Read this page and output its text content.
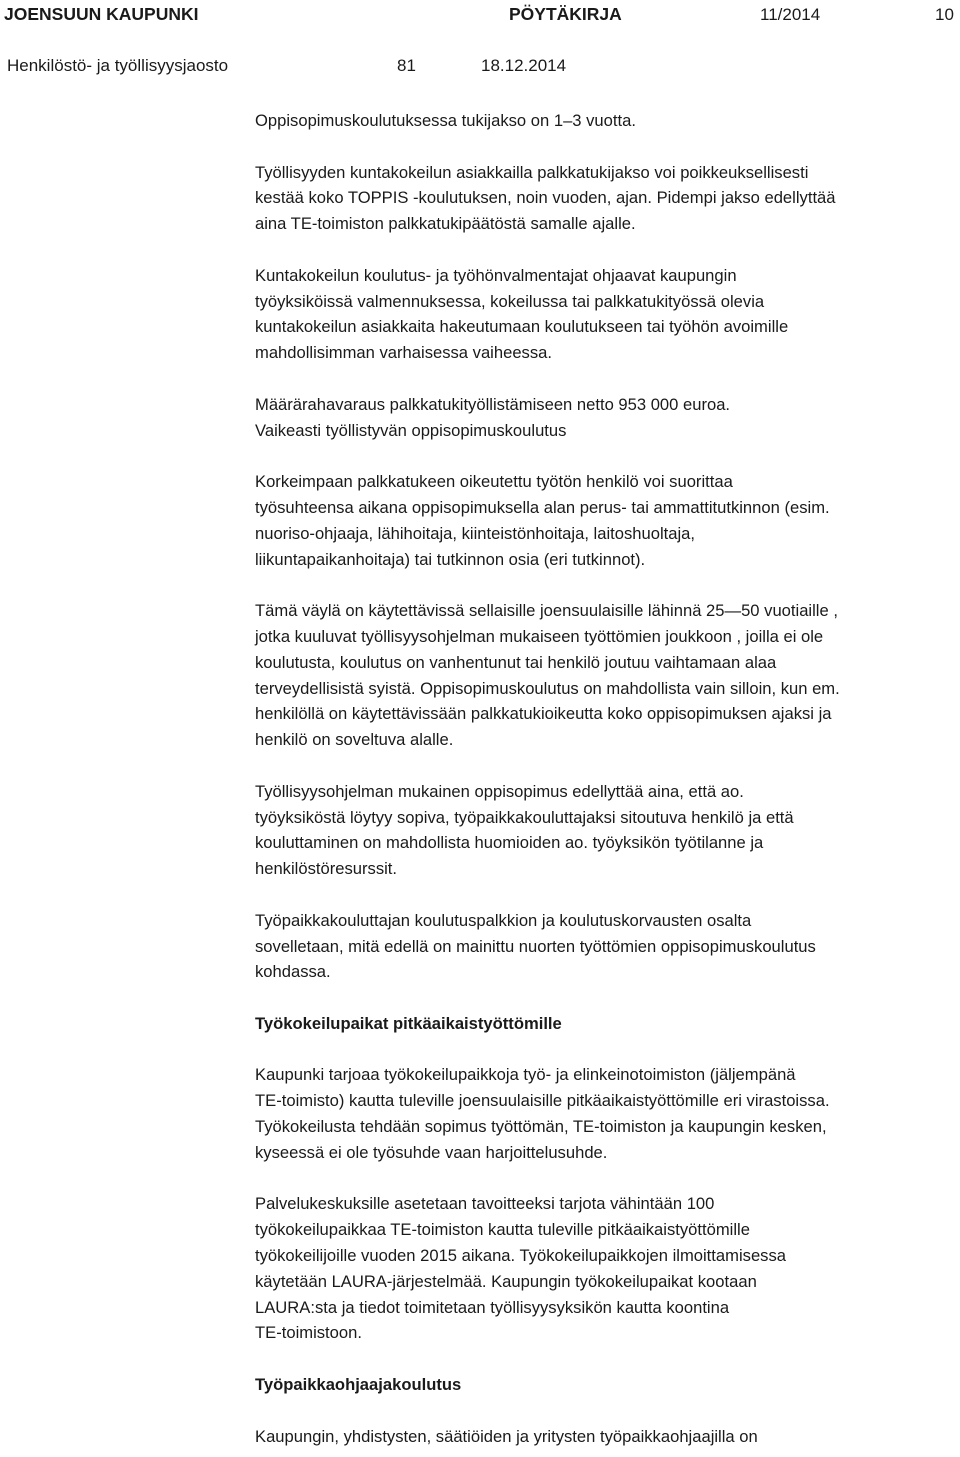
JOENSUUN KAUPUNKI	PÖYTÄKIRJA	11/2014	10
Henkilöstö- ja työllisyysjaosto	81	18.12.2014

Oppisopimuskoulutuksessa tukijakso on 1–3 vuotta.

Työllisyyden kuntakokeilun asiakkailla palkkatukijakso voi poikkeuksellisesti

kestää koko TOPPIS -koulutuksen, noin vuoden, ajan. Pidempi jakso edellyttää

aina TE-toimiston palkkatukipäätöstä samalle ajalle.

Kuntakokeilun koulutus- ja työhönvalmentajat ohjaavat kaupungin

työyksiköissä valmennuksessa, kokeilussa tai palkkatukityössä olevia

kuntakokeilun asiakkaita hakeutumaan koulutukseen tai työhön avoimille

mahdollisimman varhaisessa vaiheessa.

Määrärahavaraus palkkatukityöllistämiseen netto 953 000 euroa.

Vaikeasti työllistyvän oppisopimuskoulutus

Korkeimpaan palkkatukeen oikeutettu työtön henkilö voi suorittaa

työsuhteensa aikana oppisopimuksella alan perus- tai ammattitutkinnon (esim.

nuoriso-ohjaaja, lähihoitaja, kiinteistönhoitaja, laitoshuoltaja,

liikuntapaikanhoitaja) tai tutkinnon osia (eri tutkinnot).

Tämä väylä on käytettävissä sellaisille joensuulaisille lähinnä 25—50 vuotiaille ,

jotka kuuluvat työllisyysohjelman mukaiseen työttömien joukkoon , joilla ei ole

koulutusta, koulutus on vanhentunut tai henkilö joutuu vaihtamaan alaa

terveydellisistä syistä. Oppisopimuskoulutus on mahdollista vain silloin, kun em.

henkilöllä on käytettävissään palkkatukioikeutta koko oppisopimuksen ajaksi ja

henkilö on soveltuva alalle.

Työllisyysohjelman mukainen oppisopimus edellyttää aina, että ao.

työyksiköstä löytyy sopiva, työpaikkakouluttajaksi sitoutuva henkilö ja että

kouluttaminen on mahdollista huomioiden ao. työyksikön työtilanne ja

henkilöstöresurssit.

Työpaikkakouluttajan koulutuspalkkion ja koulutuskorvausten osalta

sovelletaan, mitä edellä on mainittu nuorten työttömien oppisopimuskoulutus

kohdassa.

Työkokeilupaikat pitkäaikaistyöttömille

Kaupunki tarjoaa työkokeilupaikkoja työ- ja elinkeinotoimiston (jäljempänä

TE-toimisto) kautta tuleville joensuulaisille pitkäaikaistyöttömille eri virastoissa.

Työkokeilusta tehdään sopimus työttömän, TE-toimiston ja kaupungin kesken,

kyseessä ei ole työsuhde vaan harjoittelusuhde.

Palvelukeskuksille asetetaan tavoitteeksi tarjota vähintään 100

työkokeilupaikkaa TE-toimiston kautta tuleville pitkäaikaistyöttömille

työkokeilijoille vuoden 2015 aikana. Työkokeilupaikkojen ilmoittamisessa

käytetään LAURA-järjestelmää. Kaupungin työkokeilupaikat kootaan

LAURA:sta ja tiedot toimitetaan työllisyysyksikön kautta koontina

TE-toimistoon.

Työpaikkaohjaajakoulutus

Kaupungin, yhdistysten, säätiöiden ja yritysten työpaikkaohjaajilla on
